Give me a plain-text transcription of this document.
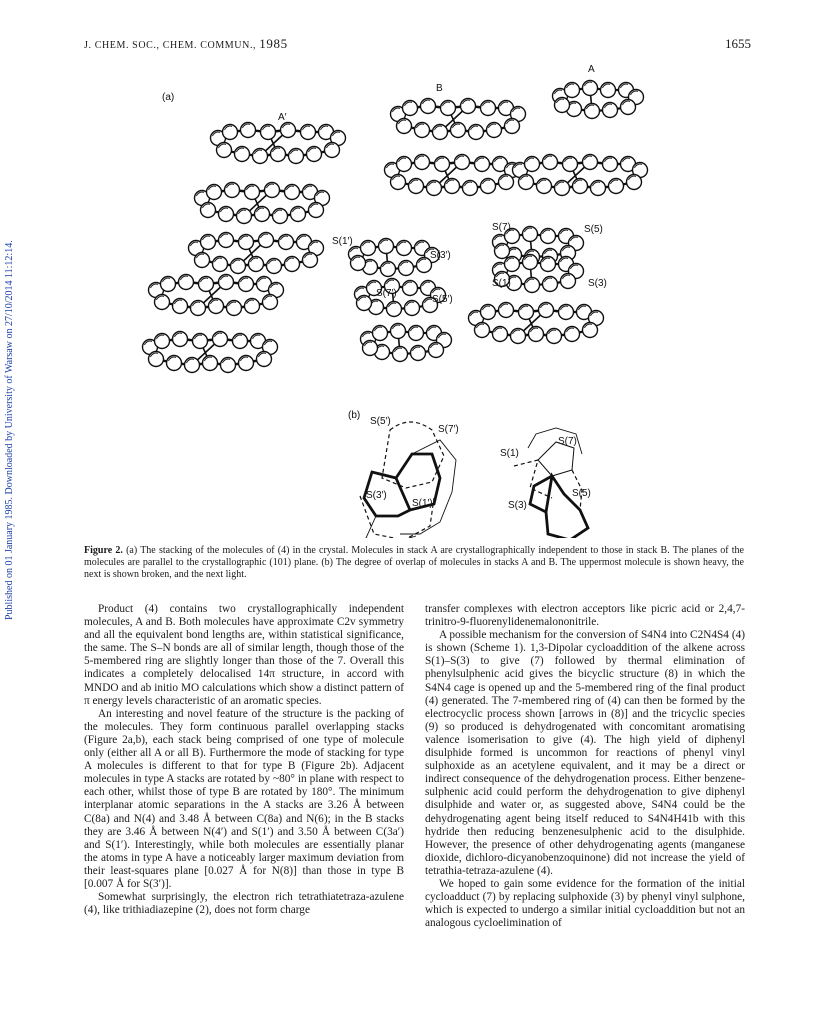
J. CHEM. SOC., CHEM. COMMUN., 1985	1655
Published on 01 January 1985. Downloaded by University of Warsaw on 27/10/2014 11:12:14.
(a)
A′
B
A
S(1′)
S(3′)
S(7′)
S(5′)
S(7)	S(5)
S(1)	S(3)
(b)
S(5′)
S(7′)
S(3′)
S(1′)
S(7)
S(1)
S(5)
S(3)
Figure 2. (a) The stacking of the molecules of (4) in the crystal. Molecules in stack A are crystallographically independent to those in stack B. The planes of the molecules are parallel to the crystallographic (101) plane. (b) The degree of overlap of molecules in stacks A and B. The uppermost molecule is shown heavy, the next is shown broken, and the next light.

Product (4) contains two crystallographically independent molecules, A and B. Both molecules have approximate C2v symmetry and all the equivalent bond lengths are, within statistical significance, the same. The S–N bonds are all of similar length, though those of the 5-membered ring are slightly longer than those of the 7. Overall this indicates a completely delocalised 14π structure, in accord with MNDO and ab initio MO calculations which show a distinct pattern of π energy levels characteristic of an aromatic species.

An interesting and novel feature of the structure is the packing of the molecules. They form continuous parallel overlapping stacks (Figure 2a,b), each stack being comprised of one type of molecule only (either all A or all B). Furthermore the mode of stacking for type A molecules is different to that for type B (Figure 2b). Adjacent molecules in type A stacks are rotated by ~80° in plane with respect to each other, whilst those of type B are rotated by 180°. The minimum interplanar atomic separations in the A stacks are 3.26 Å between C(8a) and N(4) and 3.48 Å between C(8a) and N(6); in the B stacks they are 3.46 Å between N(4′) and S(1′) and 3.50 Å between C(3a′) and S(1′). Interestingly, while both molecules are essentially planar the atoms in type A have a noticeably larger maximum deviation from their least-squares plane [0.027 Å for N(8)] than those in type B [0.007 Å for S(3′)].

Somewhat surprisingly, the electron rich tetrathiatetraza-azulene (4), like trithiadiazepine (2), does not form charge

transfer complexes with electron acceptors like picric acid or 2,4,7-trinitro-9-fluorenylidenemalononitrile.

A possible mechanism for the conversion of S4N4 into C2N4S4 (4) is shown (Scheme 1). 1,3-Dipolar cycloaddition of the alkene across S(1)–S(3) to give (7) followed by thermal elimination of phenylsulphenic acid gives the bicyclic structure (8) in which the S4N4 cage is opened up and the 5-membered ring of the final product (4) generated. The 7-membered ring of (4) can then be formed by the electrocyclic process shown [arrows in (8)] and the tricyclic species (9) so produced is dehydrogenated with concomitant aromatising valence isomerisation to give (4). The high yield of diphenyl disulphide formed is uncommon for reactions of phenyl vinyl sulphoxide as an acetylene equivalent, and it may be a direct or indirect consequence of the dehydrogenation process. Either benzene-sulphenic acid could perform the dehydrogenation to give diphenyl disulphide and water or, as suggested above, S4N4 could be the dehydrogenating agent being itself reduced to S4N4H41b with this hydride then reducing benzenesulphenic acid to the disulphide. However, the presence of other dehydrogenating agents (manganese dioxide, dichloro-dicyanobenzoquinone) did not increase the yield of tetrathia-tetraza-azulene (4).

We hoped to gain some evidence for the formation of the initial cycloadduct (7) by replacing sulphoxide (3) by phenyl vinyl sulphone, which is expected to undergo a similar initial cycloaddition but not an analogous cycloelimination of
